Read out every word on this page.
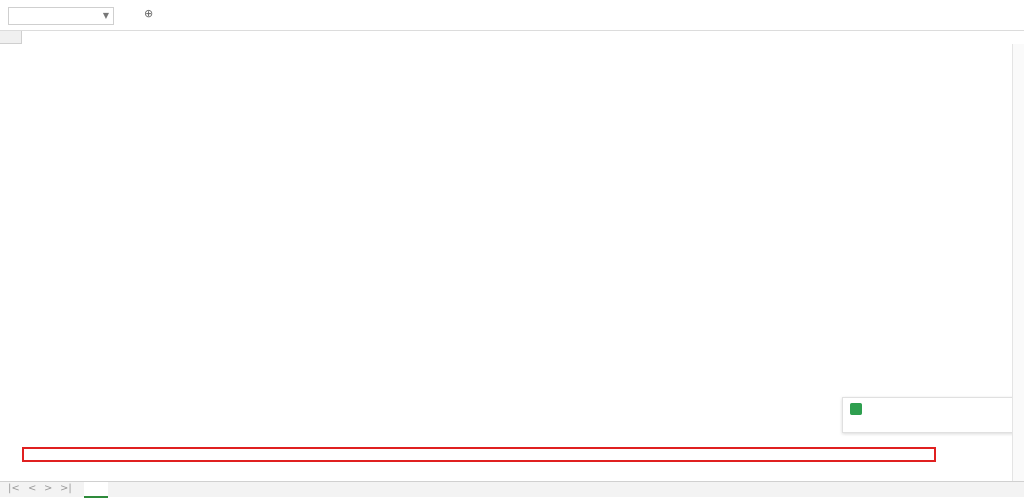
▼	⊕
|< < > >|
